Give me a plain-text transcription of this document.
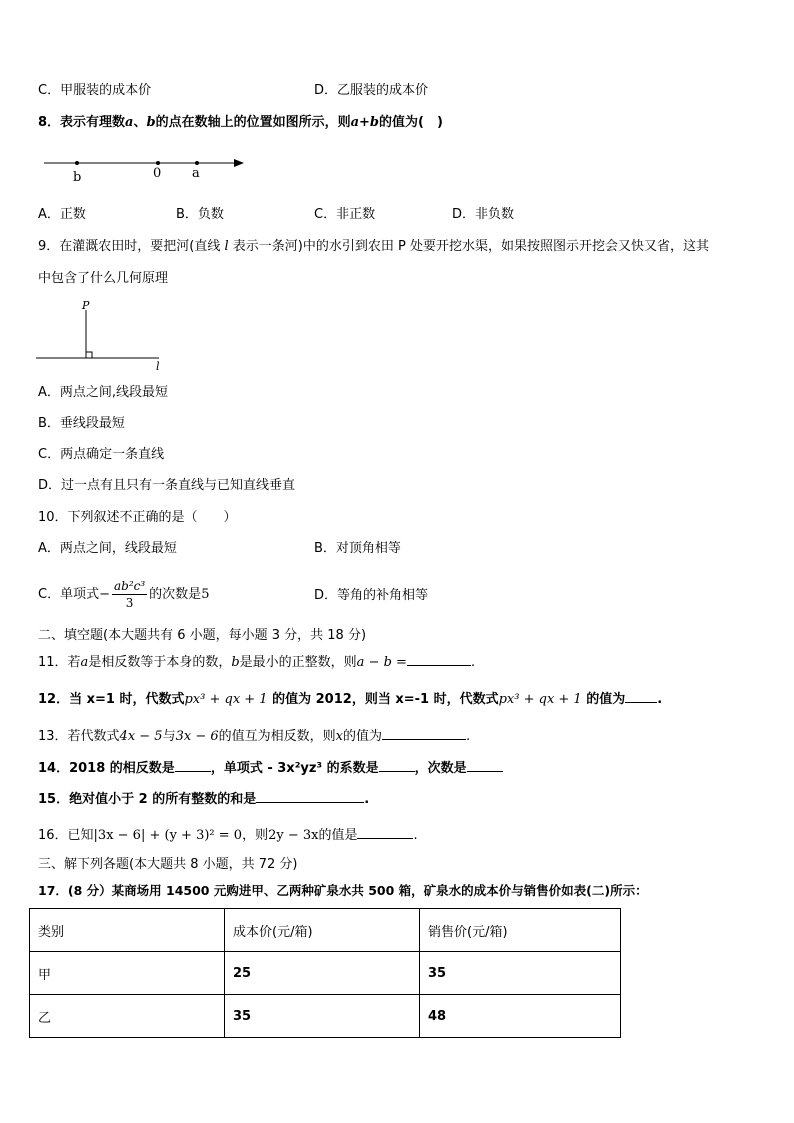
C．甲服装的成本价	D．乙服装的成本价
8．表示有理数a、b的点在数轴上的位置如图所示，则a+b的值为(　)
b	0 a
A．正数	B．负数	C．非正数	D．非负数
9．在灌溉农田时，要把河(直线 l 表示一条河)中的水引到农田 P 处要开挖水渠，如果按照图示开挖会又快又省，这其
中包含了什么几何原理
P
l
A．两点之间,线段最短
B．垂线段最短
C．两点确定一条直线
D．过一点有且只有一条直线与已知直线垂直
10．下列叙述不正确的是（　　）
A．两点之间，线段最短	B．对顶角相等
C．单项式− $\frac{\text{ab²c³}}{3}$ 的次数是5	D．等角的补角相等
二、填空题(本大题共有 6 小题，每小题 3 分，共 18 分)
11．若a是相反数等于本身的数，b是最小的正整数，则a − b =	.
12．当 x=1 时，代数式px³ + qx + 1 的值为 2012，则当 x=-1 时，代数式px³ + qx + 1 的值为 .
13．若代数式4x − 5与3x − 6的值互为相反数，则x的值为	.
14．2018 的相反数是	，单项式 - 3x²yz³ 的系数是	，次数是
15．绝对值小于 2 的所有整数的和是	.
16．已知|3x − 6| + (y + 3)² = 0，则2y − 3x的值是	.
三、解下列各题(本大题共 8 小题，共 72 分)
17．(8 分）某商场用 14500 元购进甲、乙两种矿泉水共 500 箱，矿泉水的成本价与销售价如表(二)所示：
类别	成本价(元/箱)	销售价(元/箱)
甲	25	35
乙	35	48
